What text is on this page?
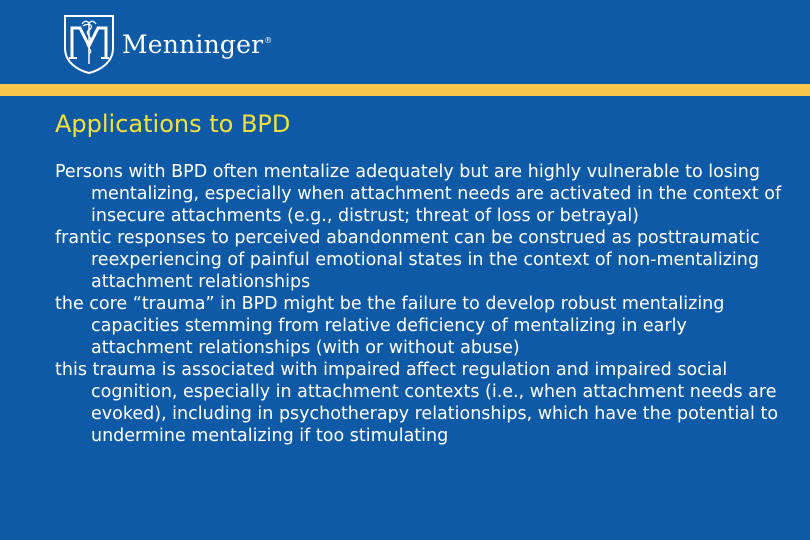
Menninger®
Applications to BPD

Persons with BPD often mentalize adequately but are highly vulnerable to losing mentalizing, especially when attachment needs are activated in the context of insecure attachments (e.g., distrust; threat of loss or betrayal)

frantic responses to perceived abandonment can be construed as posttraumatic reexperiencing of painful emotional states in the context of non-mentalizing attachment relationships

the core “trauma” in BPD might be the failure to develop robust mentalizing capacities stemming from relative deficiency of mentalizing in early attachment relationships (with or without abuse)

this trauma is associated with impaired affect regulation and impaired social cognition, especially in attachment contexts (i.e., when attachment needs are evoked), including in psychotherapy relationships, which have the potential to undermine mentalizing if too stimulating
